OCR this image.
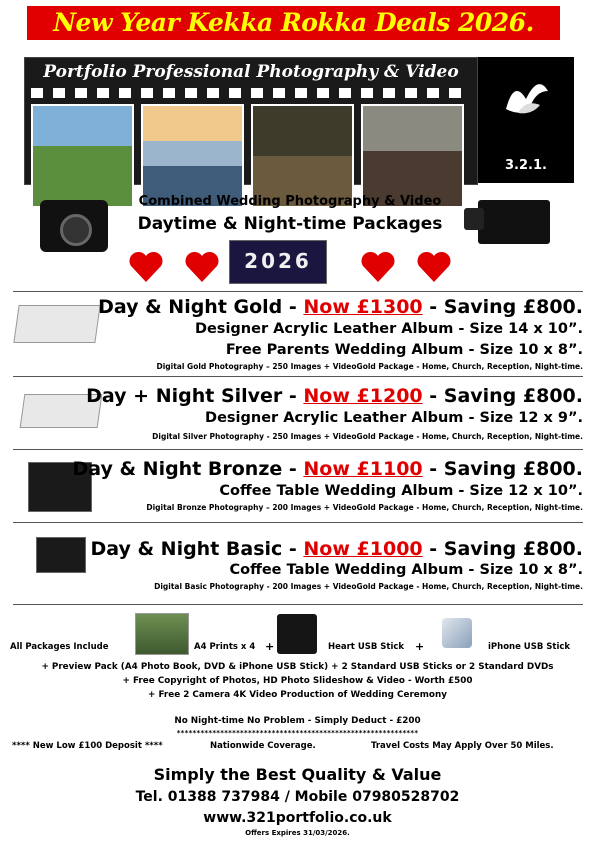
New Year Kekka Rokka Deals 2026.
Portfolio Professional Photography & Video
3.2.1.
Combined Wedding Photography & Video
Daytime & Night-time Packages
2026
Day & Night Gold - Now £1300 - Saving £800.
Designer Acrylic Leather Album - Size 14 x 10”.
Free Parents Wedding Album - Size 10 x 8”.
Digital Gold Photography – 250 Images + VideoGold Package - Home, Church, Reception, Night-time.
Day + Night Silver - Now £1200 - Saving £800.
Designer Acrylic Leather Album - Size 12 x 9”.
Digital Silver Photography - 250 Images + VideoGold Package - Home, Church, Reception, Night-time.
Day & Night Bronze - Now £1100 - Saving £800.
Coffee Table Wedding Album - Size 12 x 10”.
Digital Bronze Photography – 200 Images + VideoGold Package - Home, Church, Reception, Night-time.
Day & Night Basic - Now £1000 - Saving £800.
Coffee Table Wedding Album - Size 10 x 8”.
Digital Basic Photography - 200 Images + VideoGold Package - Home, Church, Reception, Night-time.
All Packages Include	A4 Prints x 4 +	Heart USB Stick +	iPhone USB Stick
+ Preview Pack (A4 Photo Book, DVD & iPhone USB Stick) + 2 Standard USB Sticks or 2 Standard DVDs
+ Free Copyright of Photos, HD Photo Slideshow & Video - Worth £500
+ Free 2 Camera 4K Video Production of Wedding Ceremony
No Night-time No Problem - Simply Deduct - £200
*************************************************************
**** New Low £100 Deposit ****	Nationwide Coverage.	Travel Costs May Apply Over 50 Miles.
Simply the Best Quality & Value
Tel. 01388 737984 / Mobile 07980528702
www.321portfolio.co.uk
Offers Expires 31/03/2026.
